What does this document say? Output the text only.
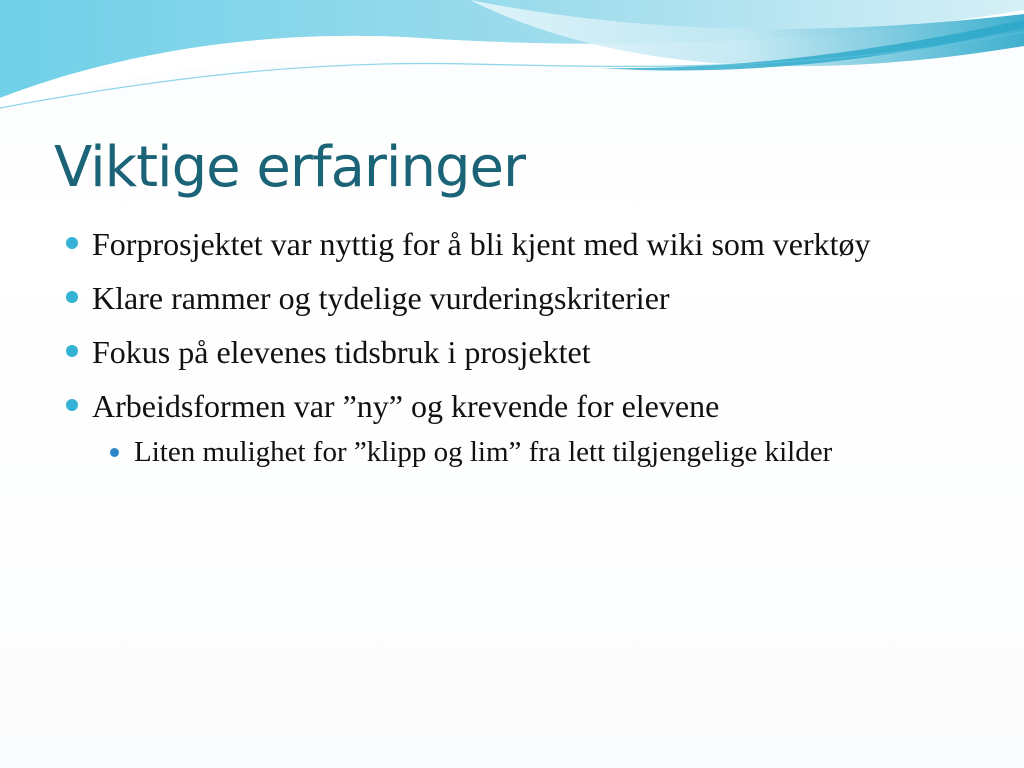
Viktige erfaringer
Forprosjektet var nyttig for å bli kjent med wiki som verktøy
Klare rammer og tydelige vurderingskriterier
Fokus på elevenes tidsbruk i prosjektet
Arbeidsformen var ”ny” og krevende for elevene
Liten mulighet for ”klipp og lim” fra lett tilgjengelige kilder
